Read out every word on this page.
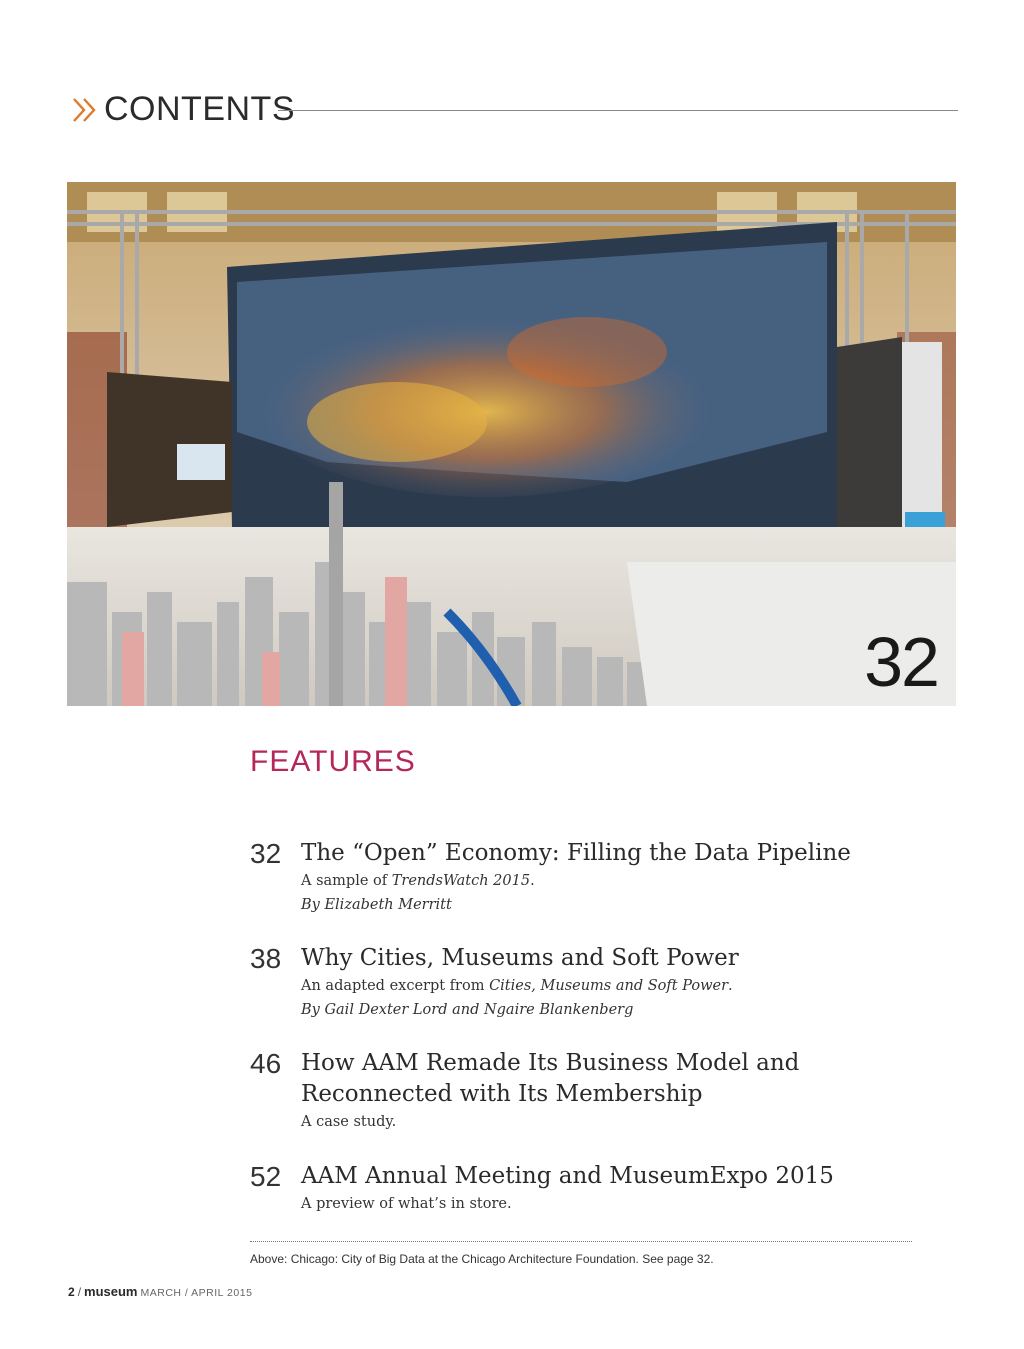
CONTENTS
32
FEATURES
32 The “Open” Economy: Filling the Data Pipeline
A sample of TrendsWatch 2015.
By Elizabeth Merritt
38 Why Cities, Museums and Soft Power
An adapted excerpt from Cities, Museums and Soft Power.
By Gail Dexter Lord and Ngaire Blankenberg
46 How AAM Remade Its Business Model and
Reconnected with Its Membership
A case study.
52 AAM Annual Meeting and MuseumExpo 2015
A preview of what’s in store.
Above: Chicago: City of Big Data at the Chicago Architecture Foundation. See page 32.
2 / museum MARCH / APRIL 2015
